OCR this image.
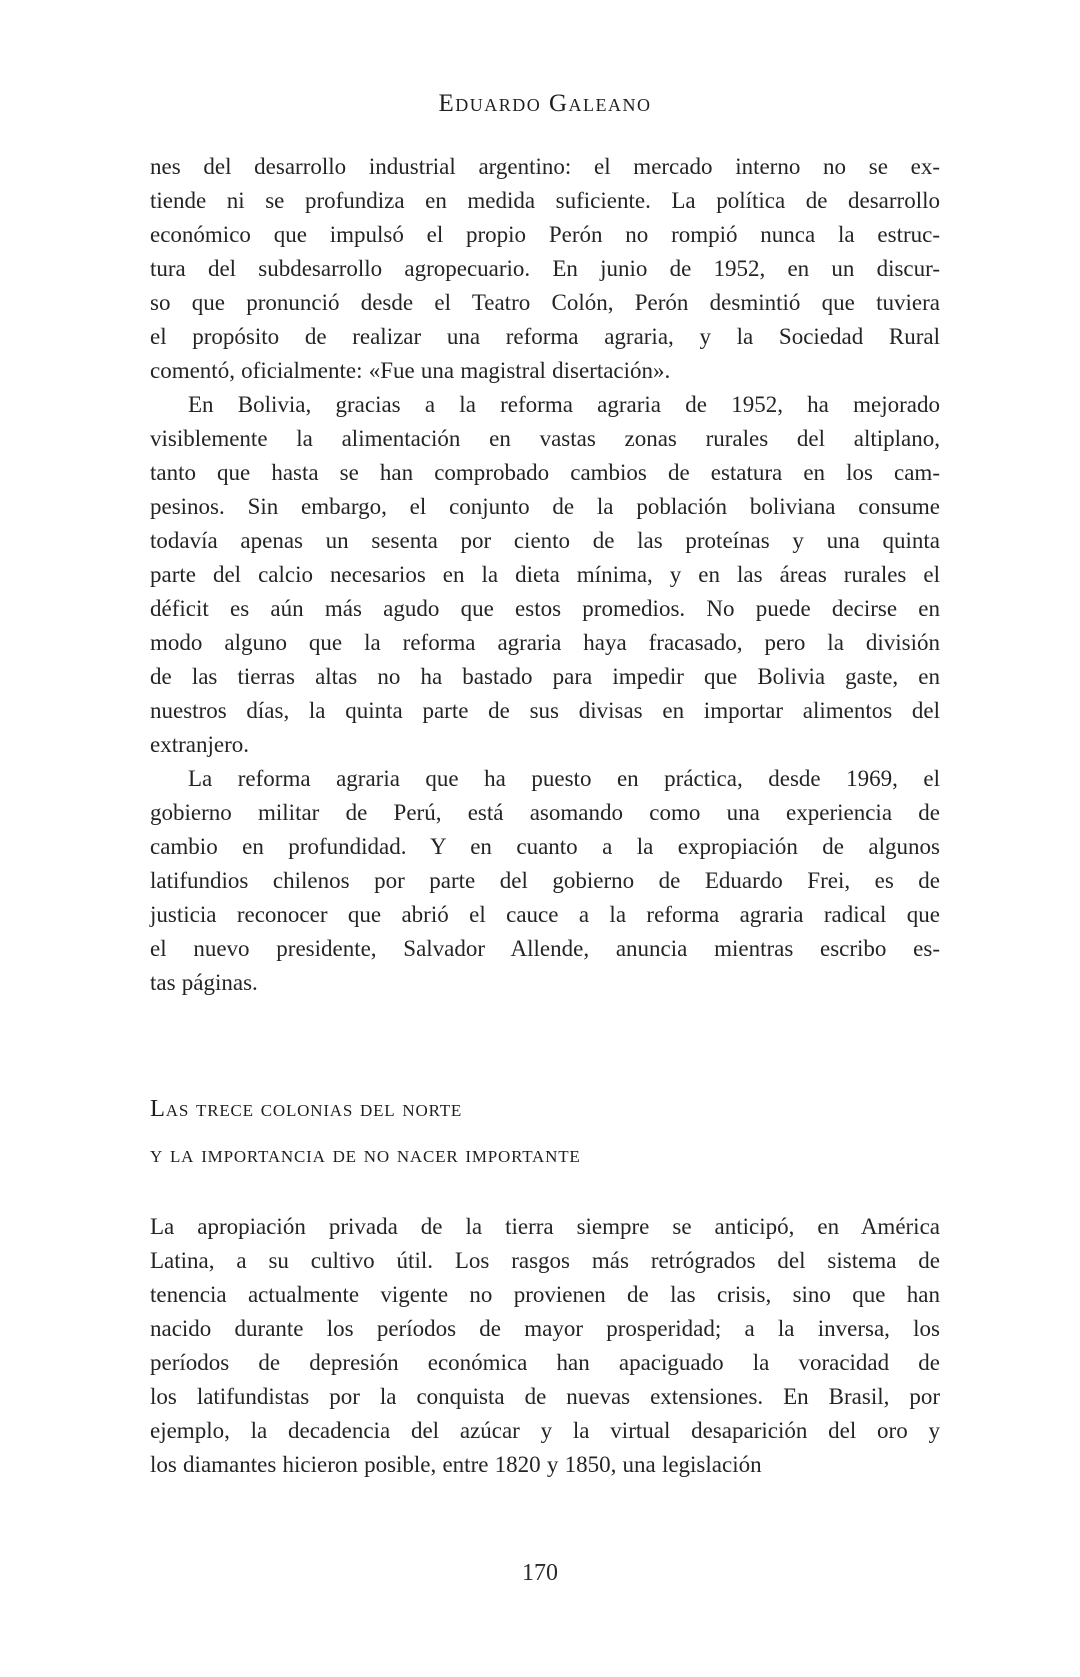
Eduardo Galeano
nes del desarrollo industrial argentino: el mercado interno no se ex-
tiende ni se profundiza en medida suficiente. La política de desarrollo
económico que impulsó el propio Perón no rompió nunca la estruc-
tura del subdesarrollo agropecuario. En junio de 1952, en un discur-
so que pronunció desde el Teatro Colón, Perón desmintió que tuviera
el propósito de realizar una reforma agraria, y la Sociedad Rural
comentó, oficialmente: «Fue una magistral disertación».
En Bolivia, gracias a la reforma agraria de 1952, ha mejorado
visiblemente la alimentación en vastas zonas rurales del altiplano,
tanto que hasta se han comprobado cambios de estatura en los cam-
pesinos. Sin embargo, el conjunto de la población boliviana consume
todavía apenas un sesenta por ciento de las proteínas y una quinta
parte del calcio necesarios en la dieta mínima, y en las áreas rurales el
déficit es aún más agudo que estos promedios. No puede decirse en
modo alguno que la reforma agraria haya fracasado, pero la división
de las tierras altas no ha bastado para impedir que Bolivia gaste, en
nuestros días, la quinta parte de sus divisas en importar alimentos del
extranjero.
La reforma agraria que ha puesto en práctica, desde 1969, el
gobierno militar de Perú, está asomando como una experiencia de
cambio en profundidad. Y en cuanto a la expropiación de algunos
latifundios chilenos por parte del gobierno de Eduardo Frei, es de
justicia reconocer que abrió el cauce a la reforma agraria radical que
el nuevo presidente, Salvador Allende, anuncia mientras escribo es-
tas páginas.
Las trece colonias del norte
y la importancia de no nacer importante
La apropiación privada de la tierra siempre se anticipó, en América
Latina, a su cultivo útil. Los rasgos más retrógrados del sistema de
tenencia actualmente vigente no provienen de las crisis, sino que han
nacido durante los períodos de mayor prosperidad; a la inversa, los
períodos de depresión económica han apaciguado la voracidad de
los latifundistas por la conquista de nuevas extensiones. En Brasil, por
ejemplo, la decadencia del azúcar y la virtual desaparición del oro y
los diamantes hicieron posible, entre 1820 y 1850, una legislación
170
